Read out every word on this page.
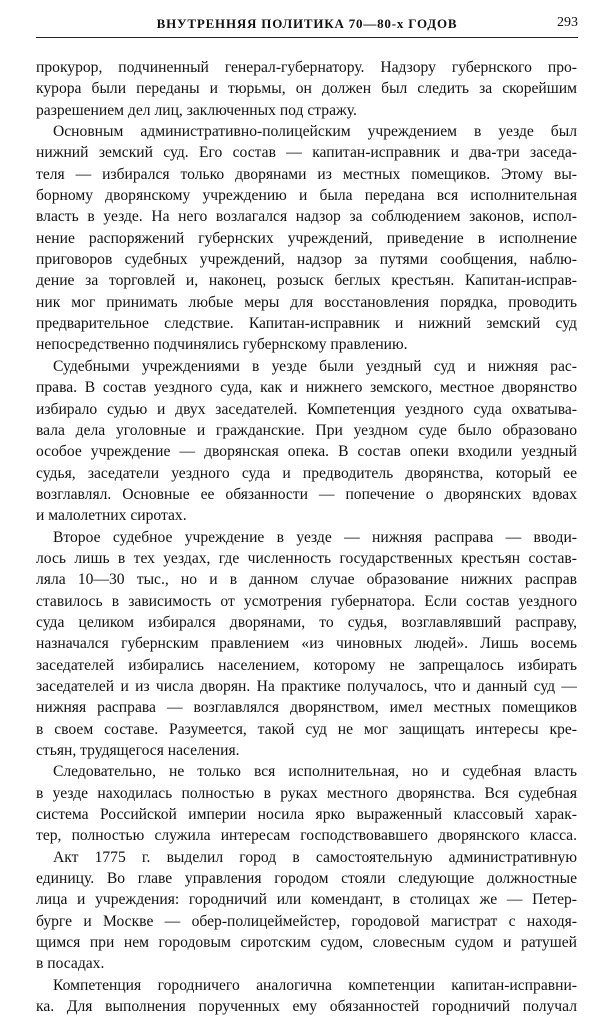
ВНУТРЕННЯЯ ПОЛИТИКА 70—80-х ГОДОВ	293
прокурор, подчиненный генерал-губернатору. Надзору губернского про-
курора были переданы и тюрьмы, он должен был следить за скорейшим
разрешением дел лиц, заключенных под стражу.
Основным административно-полицейским учреждением в уезде был
нижний земский суд. Его состав — капитан-исправник и два-три заседа-
теля — избирался только дворянами из местных помещиков. Этому вы-
борному дворянскому учреждению и была передана вся исполнительная
власть в уезде. На него возлагался надзор за соблюдением законов, испол-
нение распоряжений губернских учреждений, приведение в исполнение
приговоров судебных учреждений, надзор за путями сообщения, наблю-
дение за торговлей и, наконец, розыск беглых крестьян. Капитан-исправ-
ник мог принимать любые меры для восстановления порядка, проводить
предварительное следствие. Капитан-исправник и нижний земский суд
непосредственно подчинялись губернскому правлению.
Судебными учреждениями в уезде были уездный суд и нижняя рас-
права. В состав уездного суда, как и нижнего земского, местное дворянство
избирало судью и двух заседателей. Компетенция уездного суда охватыва-
вала дела уголовные и гражданские. При уездном суде было образовано
особое учреждение — дворянская опека. В состав опеки входили уездный
судья, заседатели уездного суда и предводитель дворянства, который ее
возглавлял. Основные ее обязанности — попечение о дворянских вдовах
и малолетних сиротах.
Второе судебное учреждение в уезде — нижняя расправа — вводи-
лось лишь в тех уездах, где численность государственных крестьян состав-
ляла 10—30 тыс., но и в данном случае образование нижних расправ
ставилось в зависимость от усмотрения губернатора. Если состав уездного
суда целиком избирался дворянами, то судья, возглавлявший расправу,
назначался губернским правлением «из чиновных людей». Лишь восемь
заседателей избирались населением, которому не запрещалось избирать
заседателей и из числа дворян. На практике получалось, что и данный суд —
нижняя расправа — возглавлялся дворянством, имел местных помещиков
в своем составе. Разумеется, такой суд не мог защищать интересы кре-
стьян, трудящегося населения.
Следовательно, не только вся исполнительная, но и судебная власть
в уезде находилась полностью в руках местного дворянства. Вся судебная
система Российской империи носила ярко выраженный классовый харак-
тер, полностью служила интересам господствовавшего дворянского класса.
Акт 1775 г. выделил город в самостоятельную административную
единицу. Во главе управления городом стояли следующие должностные
лица и учреждения: городничий или комендант, в столицах же — Петер-
бурге и Москве — обер-полицеймейстер, городовой магистрат с находя-
щимся при нем городовым сиротским судом, словесным судом и ратушей
в посадах.
Компетенция городничего аналогична компетенции капитан-исправни-
ка. Для выполнения порученных ему обязанностей городничий получал
